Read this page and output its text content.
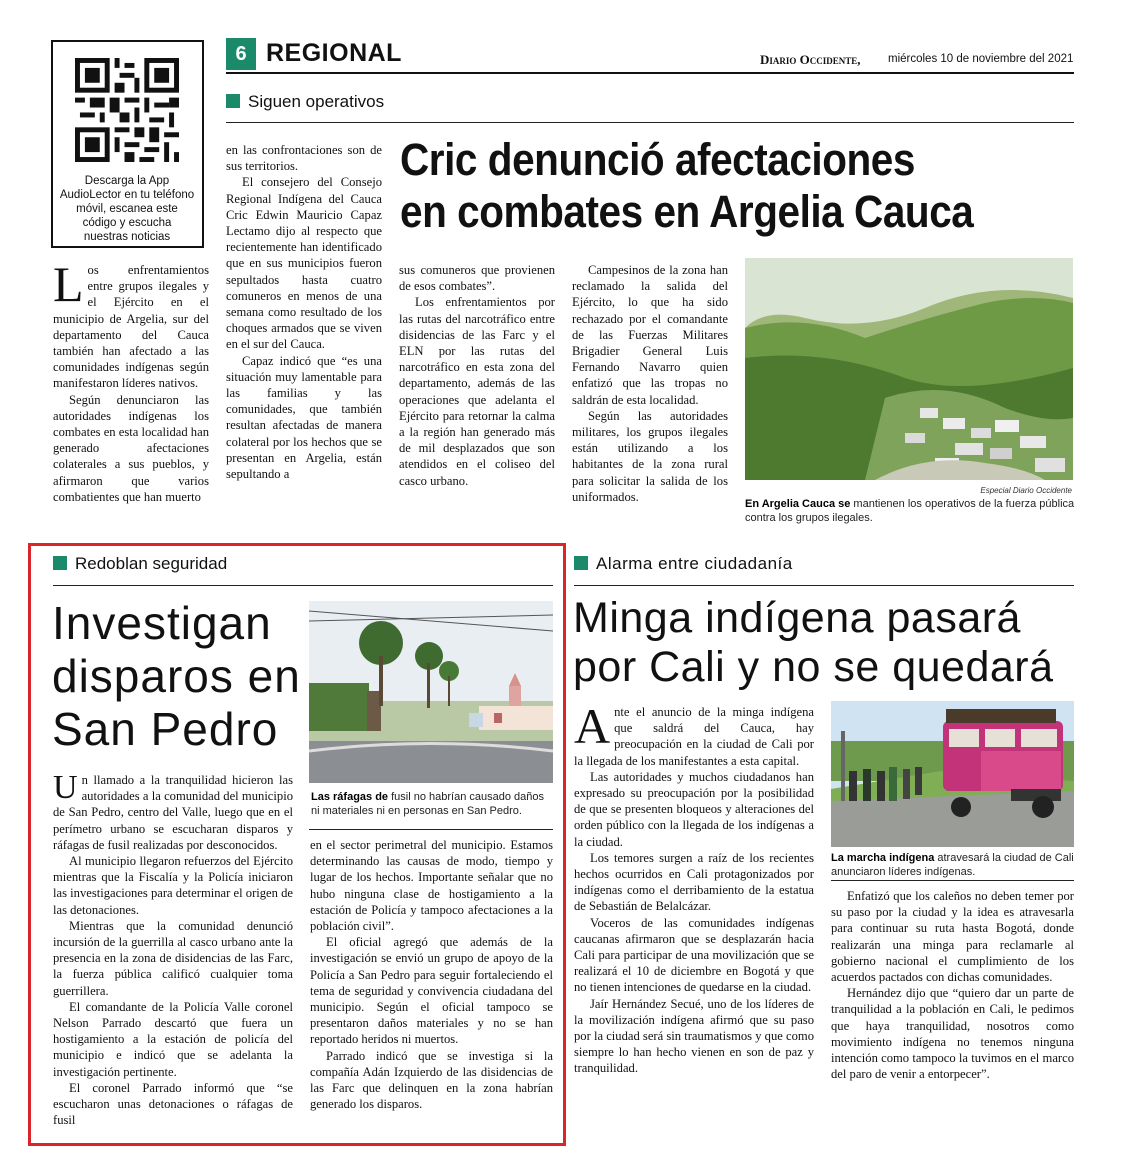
6 REGIONAL	Diario Occidente, miércoles 10 de noviembre del 2021
Descarga la App AudioLector en tu teléfono móvil, escanea este código y escucha nuestras noticias
Siguen operativos
Cric denunció afectaciones
en combates en Argelia Cauca
L os enfrentamientos entre grupos ilegales y el Ejército en el municipio de Argelia, sur del departamento del Cauca también han afectado a las comunidades indígenas según manifestaron líderes nativos.

Según denunciaron las autoridades indígenas los combates en esta localidad han generado afectaciones colaterales a sus pueblos, y afirmaron que varios combatientes que han muerto

en las confrontaciones son de sus territorios.

El consejero del Consejo Regional Indígena del Cauca Cric Edwin Mauricio Capaz Lectamo dijo al respecto que recientemente han identificado que en sus municipios fueron sepultados hasta cuatro comuneros en menos de una semana como resultado de los choques armados que se viven en el sur del Cauca.

Capaz indicó que “es una situación muy lamentable para las familias y las comunidades, que también resultan afectadas de manera colateral por los hechos que se presentan en Argelia, están sepultando a

sus comuneros que provienen de esos combates”.

Los enfrentamientos por las rutas del narcotráfico entre disidencias de las Farc y el ELN por las rutas del narcotráfico en esta zona del departamento, además de las operaciones que adelanta el Ejército para retornar la calma a la región han generado más de mil desplazados que son atendidos en el coliseo del casco urbano.

Campesinos de la zona han reclamado la salida del Ejército, lo que ha sido rechazado por el comandante de las Fuerzas Militares Brigadier General Luis Fernando Navarro quien enfatizó que las tropas no saldrán de esta localidad.

Según las autoridades militares, los grupos ilegales están utilizando a los habitantes de la zona rural para solicitar la salida de los uniformados.	Especial Diario Occidente
En Argelia Cauca se mantienen los operativos de la fuerza pública contra los grupos ilegales.
Redoblan seguridad
Investigan
disparos en
San Pedro
Las ráfagas de fusil no habrían causado daños ni materiales ni en personas en San Pedro.
U n llamado a la tranquilidad hicieron las autoridades a la comunidad del municipio de San Pedro, centro del Valle, luego que en el perímetro urbano se escucharan disparos y ráfagas de fusil realizadas por desconocidos.

Al municipio llegaron refuerzos del Ejército mientras que la Fiscalía y la Policía iniciaron las investigaciones para determinar el origen de las detonaciones.

Mientras que la comunidad denunció incursión de la guerrilla al casco urbano ante la presencia en la zona de disidencias de las Farc, la fuerza pública calificó cualquier toma guerrillera.

El comandante de la Policía Valle coronel Nelson Parrado descartó que fuera un hostigamiento a la estación de policía del municipio e indicó que se adelanta la investigación pertinente.

El coronel Parrado informó que “se escucharon unas detonaciones o ráfagas de fusil

en el sector perimetral del municipio. Estamos determinando las causas de modo, tiempo y lugar de los hechos. Importante señalar que no hubo ninguna clase de hostigamiento a la estación de Policía y tampoco afectaciones a la población civil”.

El oficial agregó que además de la investigación se envió un grupo de apoyo de la Policía a San Pedro para seguir fortaleciendo el tema de seguridad y convivencia ciudadana del municipio. Según el oficial tampoco se presentaron daños materiales y no se han reportado heridos ni muertos.

Parrado indicó que se investiga si la compañía Adán Izquierdo de las disidencias de las Farc que delinquen en la zona habrían generado los disparos.

Alarma entre ciudadanía
Minga indígena pasará
por Cali y no se quedará
A nte el anuncio de la minga indígena que saldrá del Cauca, hay preocupación en la ciudad de Cali por la llegada de los manifestantes a esta capital.

Las autoridades y muchos ciudadanos han expresado su preocupación por la posibilidad de que se presenten bloqueos y alteraciones del orden público con la llegada de los indígenas a la ciudad.

Los temores surgen a raíz de los recientes hechos ocurridos en Cali protagonizados por indígenas como el derribamiento de la estatua de Sebastián de Belalcázar.

Voceros de las comunidades indígenas caucanas afirmaron que se desplazarán hacia Cali para participar de una movilización que se realizará el 10 de diciembre en Bogotá y que no tienen intenciones de quedarse en la ciudad.

Jaír Hernández Secué, uno de los líderes de la movilización indígena afirmó que su paso por la ciudad será sin traumatismos y que como siempre lo han hecho vienen en son de paz y tranquilidad.

La marcha indígena atravesará la ciudad de Cali anunciaron líderes indígenas.

Enfatizó que los caleños no deben temer por su paso por la ciudad y la idea es atravesarla para continuar su ruta hasta Bogotá, donde realizarán una minga para reclamarle al gobierno nacional el cumplimiento de los acuerdos pactados con dichas comunidades.

Hernández dijo que “quiero dar un parte de tranquilidad a la población en Cali, le pedimos que haya tranquilidad, nosotros como movimiento indígena no tenemos ninguna intención como tampoco la tuvimos en el marco del paro de venir a entorpecer”.
